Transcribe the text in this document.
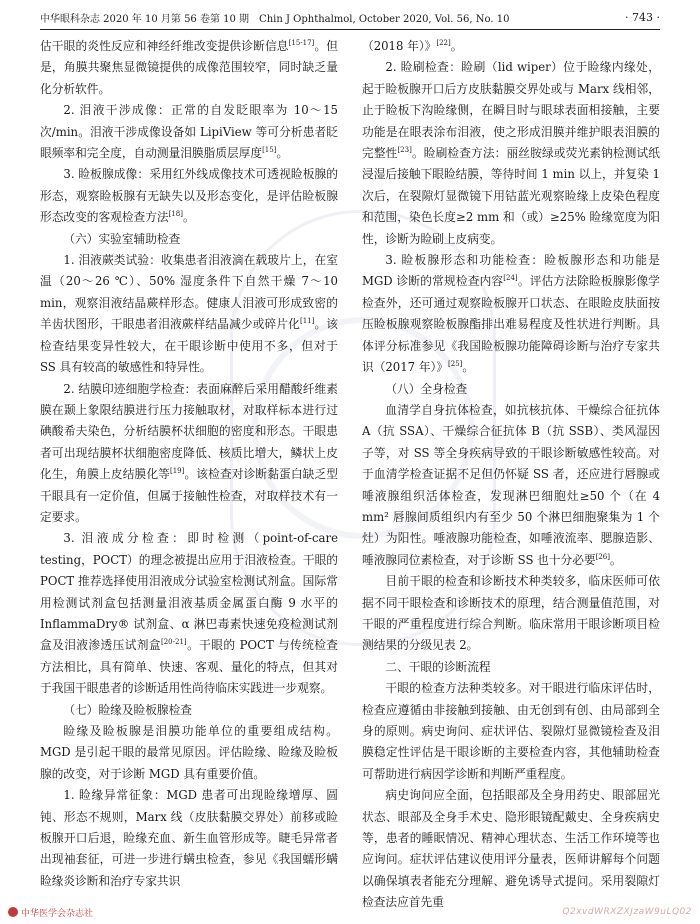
中华眼科杂志 2020 年 10 月第 56 卷第 10 期　Chin J Ophthalmol, October 2020, Vol. 56, No. 10	· 743 ·

估干眼的炎性反应和神经纤维改变提供诊断信息[15-17]。但是，角膜共聚焦显微镜提供的成像范围较窄，同时缺乏量化分析软件。

2. 泪液干涉成像：正常的自发眨眼率为 10～15 次/min。泪液干涉成像设备如 LipiView 等可分析患者眨眼频率和完全度，自动测量泪膜脂质层厚度[15]。

3. 睑板腺成像：采用红外线成像技术可透视睑板腺的形态，观察睑板腺有无缺失以及形态变化，是评估睑板腺形态改变的客观检查方法[18]。

（六）实验室辅助检查

1. 泪液蕨类试验：收集患者泪液滴在载玻片上，在室温（20～26 ℃）、50% 湿度条件下自然干燥 7～10 min，观察泪液结晶蕨样形态。健康人泪液可形成致密的羊齿状图形，干眼患者泪液蕨样结晶减少或碎片化[11]。该检查结果变异性较大，在干眼诊断中使用不多，但对于 SS 具有较高的敏感性和特异性。

2. 结膜印迹细胞学检查：表面麻醉后采用醋酸纤维素膜在颞上象限结膜进行压力接触取材，对取样标本进行过碘酸希夫染色，分析结膜杯状细胞的密度和形态。干眼患者可出现结膜杯状细胞密度降低、核质比增大，鳞状上皮化生，角膜上皮结膜化等[19]。该检查对诊断黏蛋白缺乏型干眼具有一定价值，但属于接触性检查，对取样技术有一定要求。

3. 泪液成分检查：即时检测（point-of-care testing，POCT）的理念被提出应用于泪液检查。干眼的 POCT 推荐选择使用泪液成分试验室检测试剂盒。国际常用检测试剂盒包括测量泪液基质金属蛋白酶 9 水平的 InflammaDry® 试剂盒、α 淋巴毒素快速免疫检测试剂盒及泪液渗透压试剂盒[20-21]。干眼的 POCT 与传统检查方法相比，具有简单、快速、客观、量化的特点，但其对于我国干眼患者的诊断适用性尚待临床实践进一步观察。

（七）睑缘及睑板腺检查

睑缘及睑板腺是泪膜功能单位的重要组成结构。MGD 是引起干眼的最常见原因。评估睑缘、睑缘及睑板腺的改变，对于诊断 MGD 具有重要价值。

1. 睑缘异常征象：MGD 患者可出现睑缘增厚、圆钝、形态不规则，Marx 线（皮肤黏膜交界处）前移或睑板腺开口后退，睑缘充血、新生血管形成等。睫毛异常者出现袖套征，可进一步进行螨虫检查，参见《我国蠕形螨睑缘炎诊断和治疗专家共识

（2018 年）》[22]。

2. 睑刷检查：睑刷（lid wiper）位于睑缘内缘处，起于睑板腺开口后方皮肤黏膜交界处或与 Marx 线相邻，止于睑板下沟睑缘侧，在瞬目时与眼球表面相接触，主要功能是在眼表涂布泪液，使之形成泪膜并维护眼表泪膜的完整性[23]。睑刷检查方法：丽丝胺绿或荧光素钠检测试纸浸湿后接触下眼睑结膜，等待时间 1 min 以上，并复染 1 次后，在裂隙灯显微镜下用钴蓝光观察睑缘上皮染色程度和范围，染色长度≥2 mm 和（或）≥25% 睑缘宽度为阳性，诊断为睑刷上皮病变。

3. 睑板腺形态和功能检查：睑板腺形态和功能是 MGD 诊断的常规检查内容[24]。评估方法除睑板腺影像学检查外，还可通过观察睑板腺开口状态、在眼睑皮肤面按压睑板腺观察睑板腺酯排出难易程度及性状进行判断。具体评分标准参见《我国睑板腺功能障碍诊断与治疗专家共识（2017 年）》[25]。

（八）全身检查

血清学自身抗体检查，如抗核抗体、干燥综合征抗体 A（抗 SSA）、干燥综合征抗体 B（抗 SSB）、类风湿因子等，对 SS 等全身疾病导致的干眼诊断敏感性较高。对于血清学检查证据不足但仍怀疑 SS 者，还应进行唇腺或唾液腺组织活体检查，发现淋巴细胞灶≥50 个（在 4 mm² 唇腺间质组织内有至少 50 个淋巴细胞聚集为 1 个灶）为阳性。唾液腺功能检查，如唾液流率、腮腺造影、唾液腺同位素检查，对于诊断 SS 也十分必要[26]。

目前干眼的检查和诊断技术种类较多，临床医师可依据不同干眼检查和诊断技术的原理，结合测量值范围，对干眼的严重程度进行综合判断。临床常用干眼诊断项目检测结果的分级见表 2。

二、干眼的诊断流程

干眼的检查方法种类较多。对干眼进行临床评估时，检查应遵循由非接触到接触、由无创到有创、由局部到全身的原则。病史询问、症状评估、裂隙灯显微镜检查及泪膜稳定性评估是干眼诊断的主要检查内容，其他辅助检查可帮助进行病因学诊断和判断严重程度。

病史询问应全面，包括眼部及全身用药史、眼部屈光状态、眼部及全身手术史、隐形眼镜配戴史、全身疾病史等，患者的睡眠情况、精神心理状态、生活工作环境等也应询问。症状评估建议使用评分量表，医师讲解每个问题以确保填表者能充分理解、避免诱导式提问。采用裂隙灯检查法应首先重

中华医学会杂志社	Q2xvdWRXZXJzaW9uLQ02
